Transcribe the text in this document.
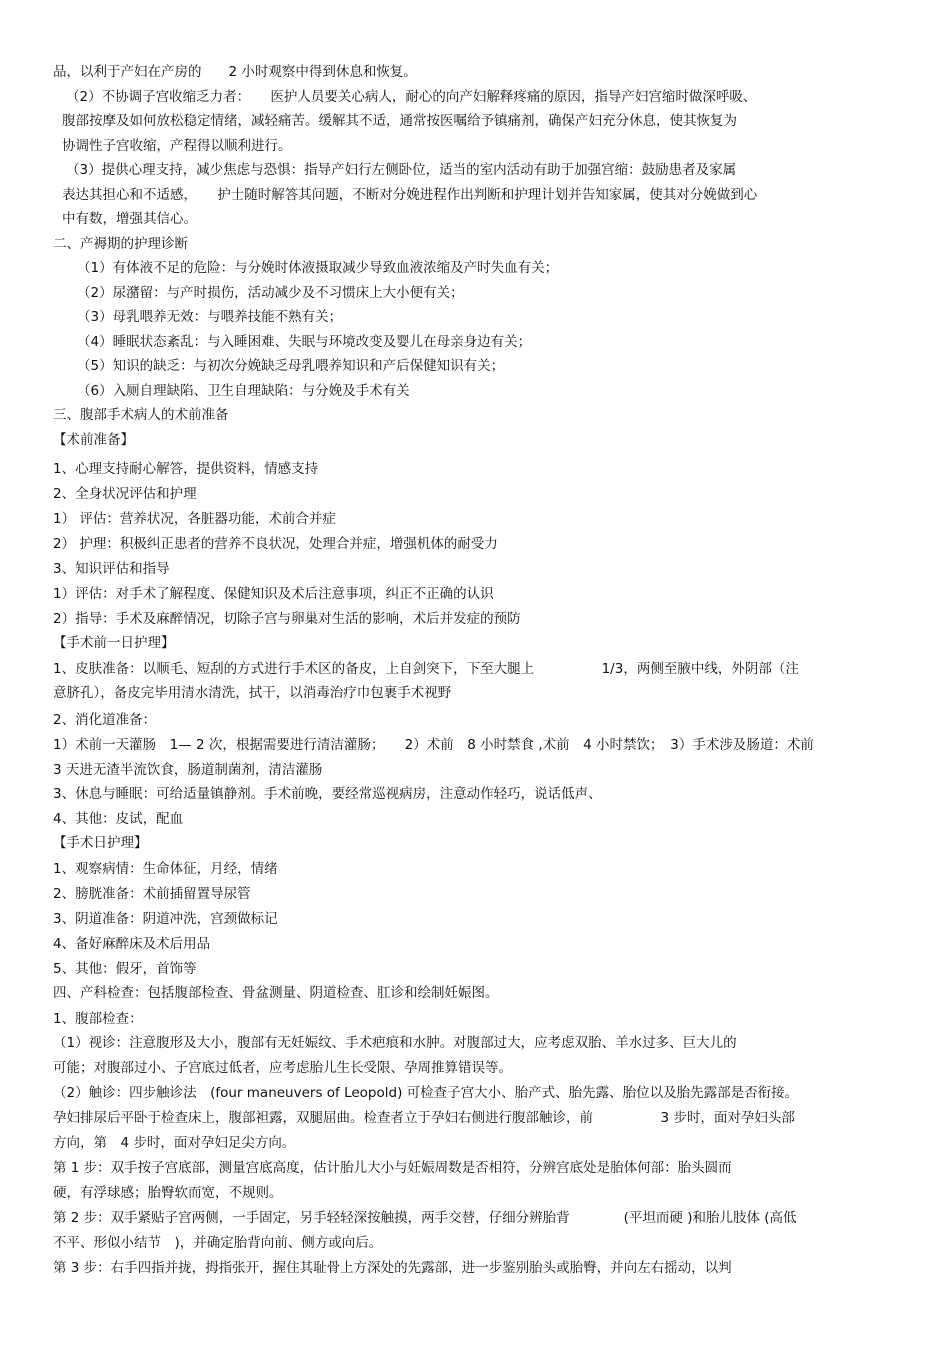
品，以利于产妇在产房的　　2 小时观察中得到休息和恢复。
（2）不协调子宫收缩乏力者：　　医护人员要关心病人，耐心的向产妇解释疼痛的原因，指导产妇宫缩时做深呼吸、
腹部按摩及如何放松稳定情绪，减轻痛苦。缓解其不适，通常按医嘱给予镇痛剂，确保产妇充分休息，使其恢复为
协调性子宫收缩，产程得以顺利进行。
（3）提供心理支持，减少焦虑与恐惧：指导产妇行左侧卧位，适当的室内活动有助于加强宫缩：鼓励患者及家属
表达其担心和不适感，　　护士随时解答其问题，不断对分娩进程作出判断和护理计划并告知家属，使其对分娩做到心
中有数，增强其信心。
二、产褥期的护理诊断
（1）有体液不足的危险：与分娩时体液摄取减少导致血液浓缩及产时失血有关；
（2）尿潴留：与产时损伤，活动减少及不习惯床上大小便有关；
（3）母乳喂养无效：与喂养技能不熟有关；
（4）睡眠状态紊乱：与入睡困难、失眠与环境改变及婴儿在母亲身边有关；
（5）知识的缺乏：与初次分娩缺乏母乳喂养知识和产后保健知识有关；
（6）入厕自理缺陷、卫生自理缺陷：与分娩及手术有关
三、腹部手术病人的术前准备
【术前准备】
1、心理支持耐心解答，提供资料，情感支持
2、全身状况评估和护理
1） 评估：营养状况，各脏器功能，术前合并症
2） 护理：积极纠正患者的营养不良状况，处理合并症，增强机体的耐受力
3、知识评估和指导
1）评估：对手术了解程度、保健知识及术后注意事项，纠正不正确的认识
2）指导：手术及麻醉情况，切除子宫与卵巢对生活的影响，术后并发症的预防
【手术前一日护理】
1、皮肤准备：以顺毛、短刮的方式进行手术区的备皮，上自剑突下，下至大腿上　　　　　1/3，两侧至腋中线，外阴部（注
意脐孔），备皮完毕用清水清洗，拭干，以消毒治疗巾包裹手术视野
2、消化道准备：
1）术前一天灌肠　1— 2 次，根据需要进行清洁灌肠；　　2）术前　8 小时禁食 ,术前　4 小时禁饮；　3）手术涉及肠道：术前
3 天进无渣半流饮食，肠道制菌剂，清洁灌肠
3、休息与睡眠：可给适量镇静剂。手术前晚，要经常巡视病房，注意动作轻巧，说话低声、
4、其他：皮试，配血
【手术日护理】
1、观察病情：生命体征，月经，情绪
2、膀胱准备：术前插留置导尿管
3、阴道准备：阴道冲洗，宫颈做标记
4、备好麻醉床及术后用品
5、其他：假牙，首饰等
四、产科检查：包括腹部检查、骨盆测量、阴道检查、肛诊和绘制妊娠图。
1、腹部检查：
（1）视诊：注意腹形及大小，腹部有无妊娠纹、手术疤痕和水肿。对腹部过大，应考虑双胎、羊水过多、巨大儿的
可能；对腹部过小、子宫底过低者，应考虑胎儿生长受限、孕周推算错误等。
（2）触诊：四步触诊法　(four maneuvers of Leopold) 可检查子宫大小、胎产式、胎先露、胎位以及胎先露部是否衔接。
孕妇排尿后平卧于检查床上，腹部袒露，双腿屈曲。检查者立于孕妇右侧进行腹部触诊，前　　　　　3 步时，面对孕妇头部
方向，第　4 步时，面对孕妇足尖方向。
第 1 步：双手按子宫底部，测量宫底高度，估计胎儿大小与妊娠周数是否相符，分辨宫底处是胎体何部：胎头圆而
硬，有浮球感；胎臀软而宽，不规则。
第 2 步：双手紧贴子宫两侧，一手固定，另手轻轻深按触摸，两手交替，仔细分辨胎背　　　　(平坦而硬 )和胎儿肢体 (高低
不平、形似小结节　)，并确定胎背向前、侧方或向后。
第 3 步：右手四指并拢，拇指张开，握住其耻骨上方深处的先露部，进一步鉴别胎头或胎臀，并向左右摇动，以判
